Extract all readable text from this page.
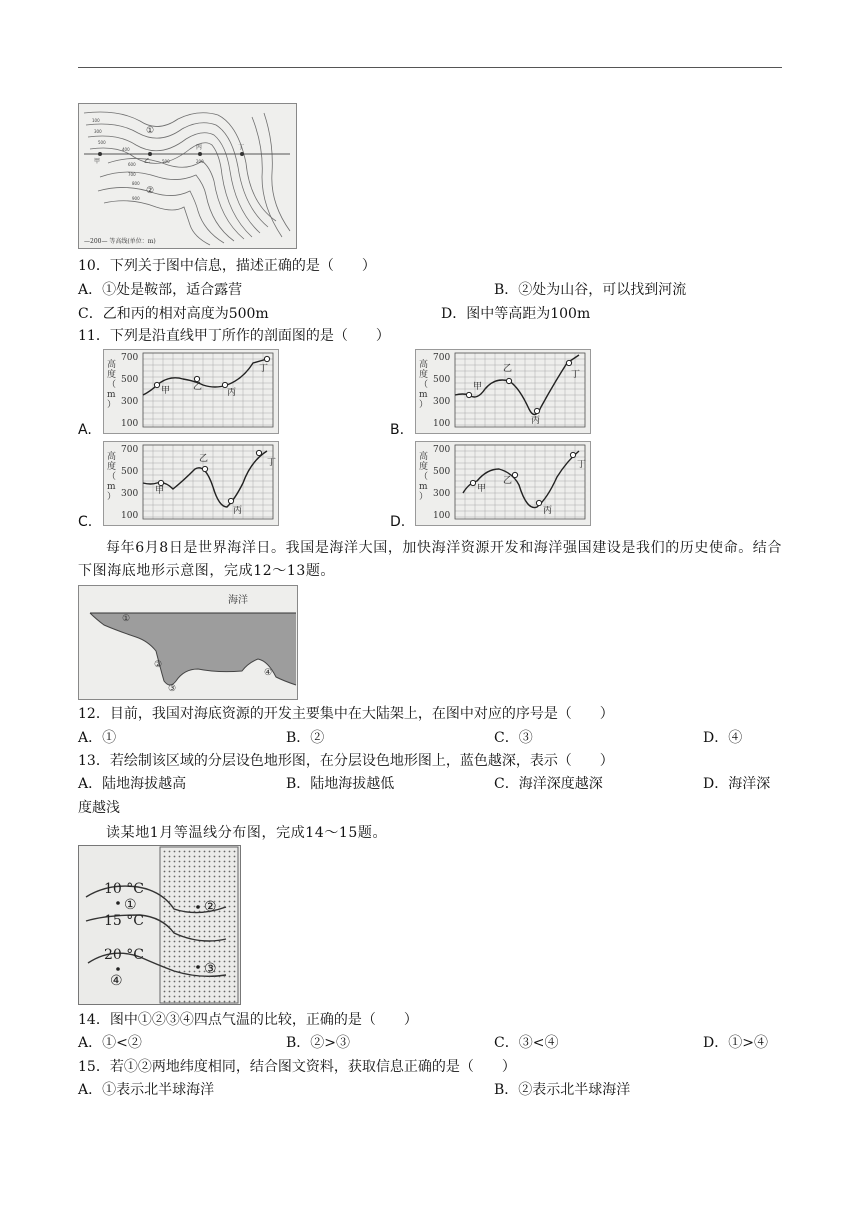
100
300
500
400
600
700
800
900
500	200
①
②
甲	乙
丙	丁
—200— 等高线(单位：m)
10．下列关于图中信息，描述正确的是（　　）
A．①处是鞍部，适合露营	B．②处为山谷，可以找到河流
C．乙和丙的相对高度为500m	D．图中等高距为100m
11．下列是沿直线甲丁所作的剖面图的是（　　）
高
度
（
m
）
700
500
300
100
甲	乙
丙
丁	高
度
（
m
）
700
500
300
100
甲
乙
丙
丁
高
度
（
m
）
700
500
300
100
甲
乙
丙
丁
高
度
（
m
）
700
500
300
100
甲
乙
丙
丁
A.	B.
C.	D.
每年6月8日是世界海洋日。我国是海洋大国，加快海洋资源开发和海洋强国建设是我们的历史使命。结合下图海底地形示意图，完成12～13题。
海洋
①
②
③
④
12．目前，我国对海底资源的开发主要集中在大陆架上，在图中对应的序号是（　　）
A．①	B．②	C．③	D．④
13．若绘制该区域的分层设色地形图，在分层设色地形图上，蓝色越深，表示（　　）
A．陆地海拔越高	B．陆地海拔越低	C．海洋深度越深	D．海洋深
度越浅
读某地1月等温线分布图，完成14～15题。
10 °C
15 °C
20 °C
①	②
③
④
14．图中①②③④四点气温的比较，正确的是（　　）
A．①<②	B．②>③	C．③<④	D．①>④
15．若①②两地纬度相同，结合图文资料，获取信息正确的是（　　）
A．①表示北半球海洋	B．②表示北半球海洋
